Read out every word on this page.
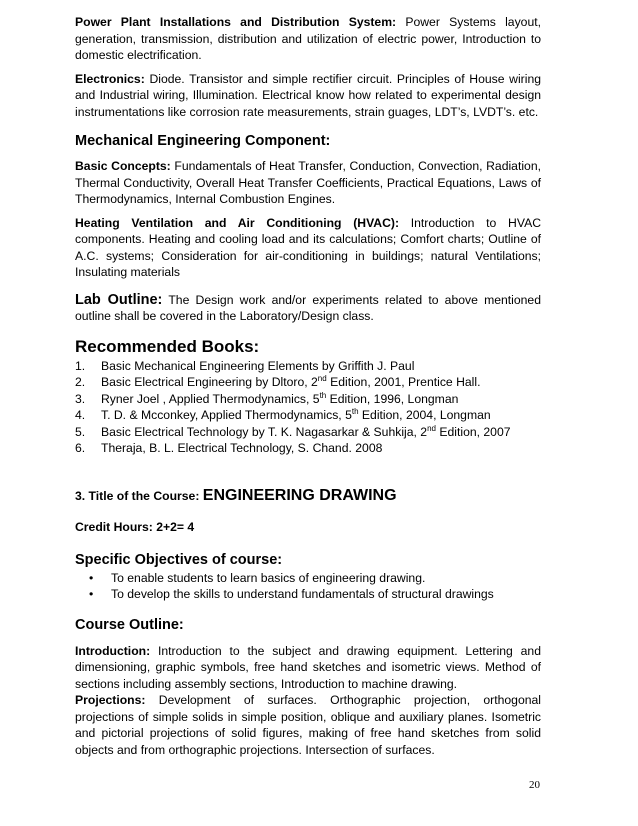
Power Plant Installations and Distribution System: Power Systems layout, generation, transmission, distribution and utilization of electric power, Introduction to domestic electrification.

Electronics: Diode. Transistor and simple rectifier circuit. Principles of House wiring and Industrial wiring, Illumination. Electrical know how related to experimental design instrumentations like corrosion rate measurements, strain guages, LDT’s, LVDT’s. etc.

Mechanical Engineering Component:

Basic Concepts: Fundamentals of Heat Transfer, Conduction, Convection, Radiation, Thermal Conductivity, Overall Heat Transfer Coefficients, Practical Equations, Laws of Thermodynamics, Internal Combustion Engines.

Heating Ventilation and Air Conditioning (HVAC): Introduction to HVAC components. Heating and cooling load and its calculations; Comfort charts; Outline of A.C. systems; Consideration for air-conditioning in buildings; natural Ventilations; Insulating materials

Lab Outline: The Design work and/or experiments related to above mentioned outline shall be covered in the Laboratory/Design class.

Recommended Books:
1.	Basic Mechanical Engineering Elements by Griffith J. Paul
2.	Basic Electrical Engineering by Dltoro, 2nd Edition, 2001, Prentice Hall.
3.	Ryner Joel , Applied Thermodynamics, 5th Edition, 1996, Longman
4.	T. D. & Mcconkey, Applied Thermodynamics, 5th Edition, 2004, Longman
5.	Basic Electrical Technology by T. K. Nagasarkar & Suhkija, 2nd Edition, 2007
6.	Theraja, B. L. Electrical Technology, S. Chand. 2008
3. Title of the Course: ENGINEERING DRAWING

Credit Hours: 2+2= 4

Specific Objectives of course:
•	To enable students to learn basics of engineering drawing.
•	To develop the skills to understand fundamentals of structural drawings
Course Outline:

Introduction: Introduction to the subject and drawing equipment. Lettering and dimensioning, graphic symbols, free hand sketches and isometric views. Method of sections including assembly sections, Introduction to machine drawing.

Projections: Development of surfaces. Orthographic projection, orthogonal projections of simple solids in simple position, oblique and auxiliary planes. Isometric and pictorial projections of solid figures, making of free hand sketches from solid objects and from orthographic projections. Intersection of surfaces.

20
